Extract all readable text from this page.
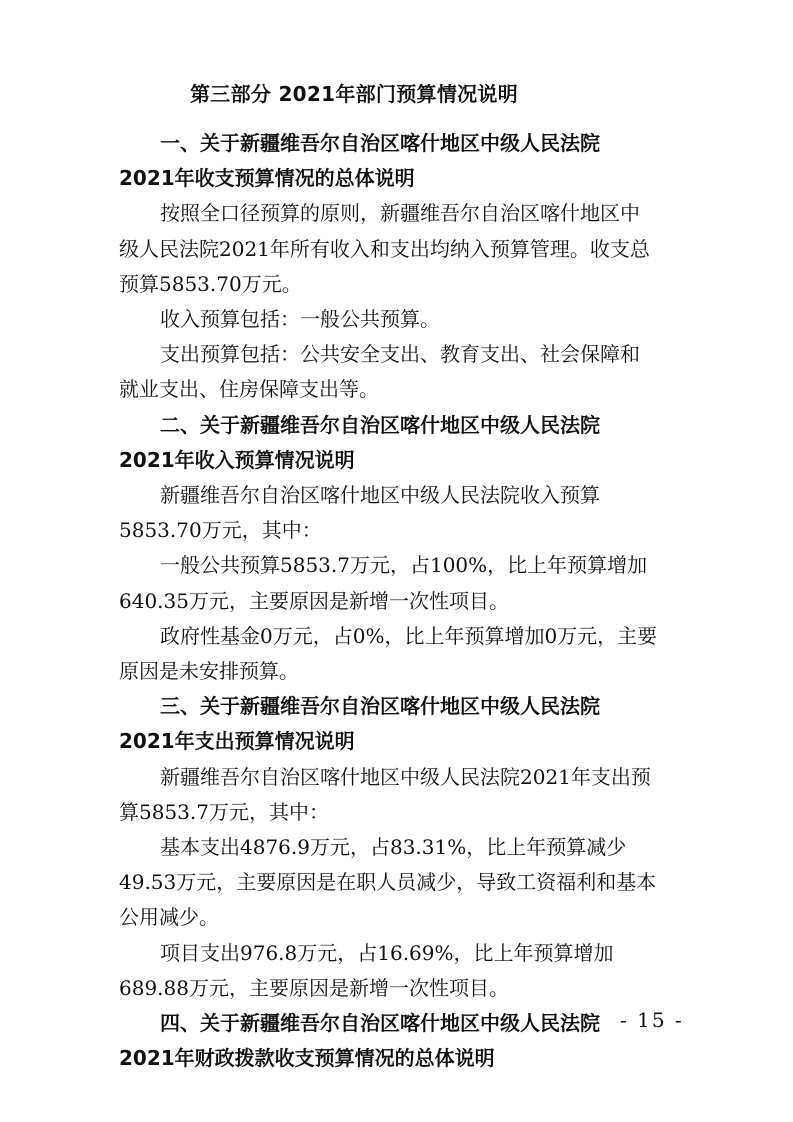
第三部分 2021年部门预算情况说明
一、关于新疆维吾尔自治区喀什地区中级人民法院
2021年收支预算情况的总体说明

按照全口径预算的原则，新疆维吾尔自治区喀什地区中
级人民法院2021年所有收入和支出均纳入预算管理。收支总
预算5853.70万元。

收入预算包括：一般公共预算。

支出预算包括：公共安全支出、教育支出、社会保障和
就业支出、住房保障支出等。

二、关于新疆维吾尔自治区喀什地区中级人民法院
2021年收入预算情况说明

新疆维吾尔自治区喀什地区中级人民法院收入预算
5853.70万元，其中：

一般公共预算5853.7万元，占100%，比上年预算增加
640.35万元，主要原因是新增一次性项目。

政府性基金0万元，占0%，比上年预算增加0万元，主要
原因是未安排预算。

三、关于新疆维吾尔自治区喀什地区中级人民法院
2021年支出预算情况说明

新疆维吾尔自治区喀什地区中级人民法院2021年支出预
算5853.7万元，其中：

基本支出4876.9万元，占83.31%，比上年预算减少
49.53万元，主要原因是在职人员减少，导致工资福利和基本
公用减少。

项目支出976.8万元，占16.69%，比上年预算增加
689.88万元，主要原因是新增一次性项目。

四、关于新疆维吾尔自治区喀什地区中级人民法院
2021年财政拨款收支预算情况的总体说明
- 15 -
